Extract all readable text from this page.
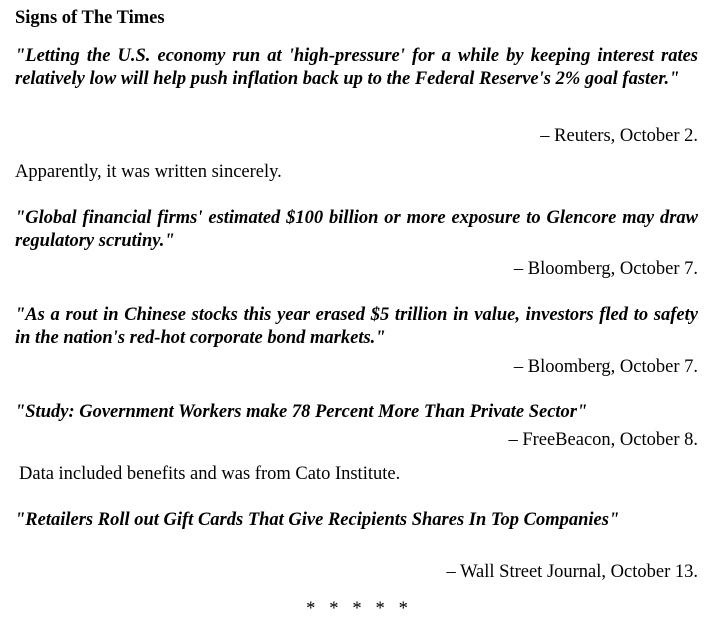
Signs of The Times
"Letting the U.S. economy run at 'high-pressure' for a while by keeping interest rates relatively low will help push inflation back up to the Federal Reserve's 2% goal faster."
– Reuters, October 2.
Apparently, it was written sincerely.
"Global financial firms' estimated $100 billion or more exposure to Glencore may draw regulatory scrutiny."
– Bloomberg, October 7.
"As a rout in Chinese stocks this year erased $5 trillion in value, investors fled to safety in the nation's red-hot corporate bond markets."
– Bloomberg, October 7.
"Study: Government Workers make 78 Percent More Than Private Sector"
– FreeBeacon, October 8.
Data included benefits and was from Cato Institute.
"Retailers Roll out Gift Cards That Give Recipients Shares In Top Companies"
– Wall Street Journal, October 13.
*   *   *   *   *
